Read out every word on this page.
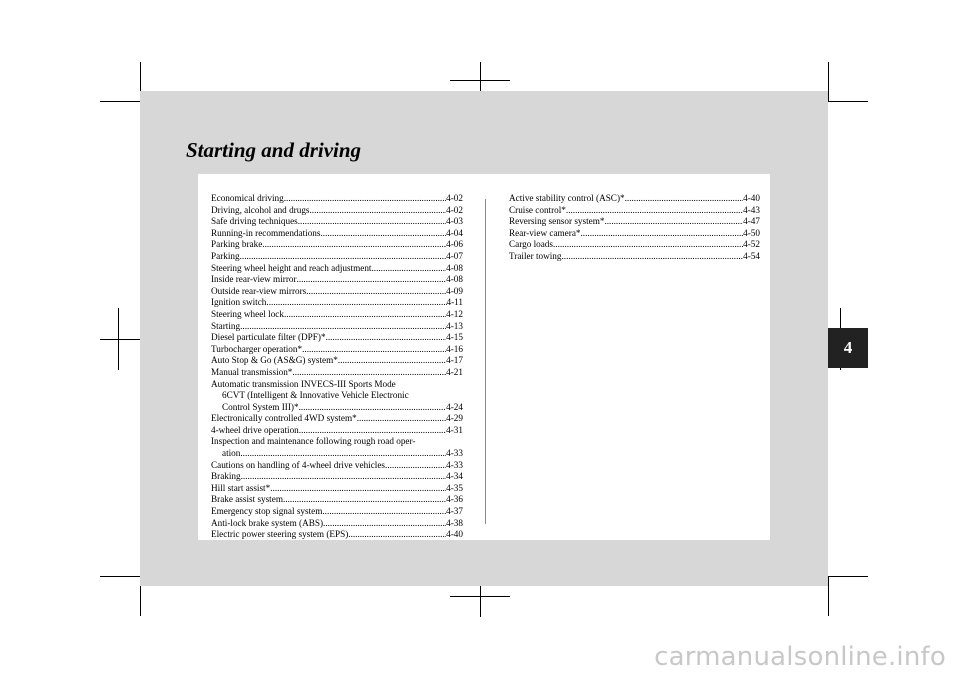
Starting and driving
Economical driving .....	4-02
Driving, alcohol and drugs .....	4-02
Safe driving techniques .....	4-03
Running-in recommendations .....	4-04
Parking brake .....	4-06
Parking .....	4-07
Steering wheel height and reach adjustment .....	4-08
Inside rear-view mirror .....	4-08
Outside rear-view mirrors .....	4-09
Ignition switch .....	4-11
Steering wheel lock .....	4-12
Starting .....	4-13
Diesel particulate filter (DPF)* .....	4-15
Turbocharger operation* .....	4-16
Auto Stop & Go (AS&G) system* .....	4-17
Manual transmission* .....	4-21
Automatic transmission INVECS-III Sports Mode
6CVT (Intelligent & Innovative Vehicle Electronic
Control System III)* .....	4-24
Electronically controlled 4WD system* .....	4-29
4-wheel drive operation .....	4-31
Inspection and maintenance following rough road oper-
ation .....	4-33
Cautions on handling of 4-wheel drive vehicles .....	4-33
Braking .....	4-34
Hill start assist* .....	4-35
Brake assist system .....	4-36
Emergency stop signal system .....	4-37
Anti-lock brake system (ABS) .....	4-38
Electric power steering system (EPS) .....	4-40
Active stability control (ASC)* .....	4-40
Cruise control* .....	4-43
Reversing sensor system* .....	4-47
Rear-view camera* .....	4-50
Cargo loads .....	4-52
Trailer towing .....	4-54
4
carmanualsonline.info
